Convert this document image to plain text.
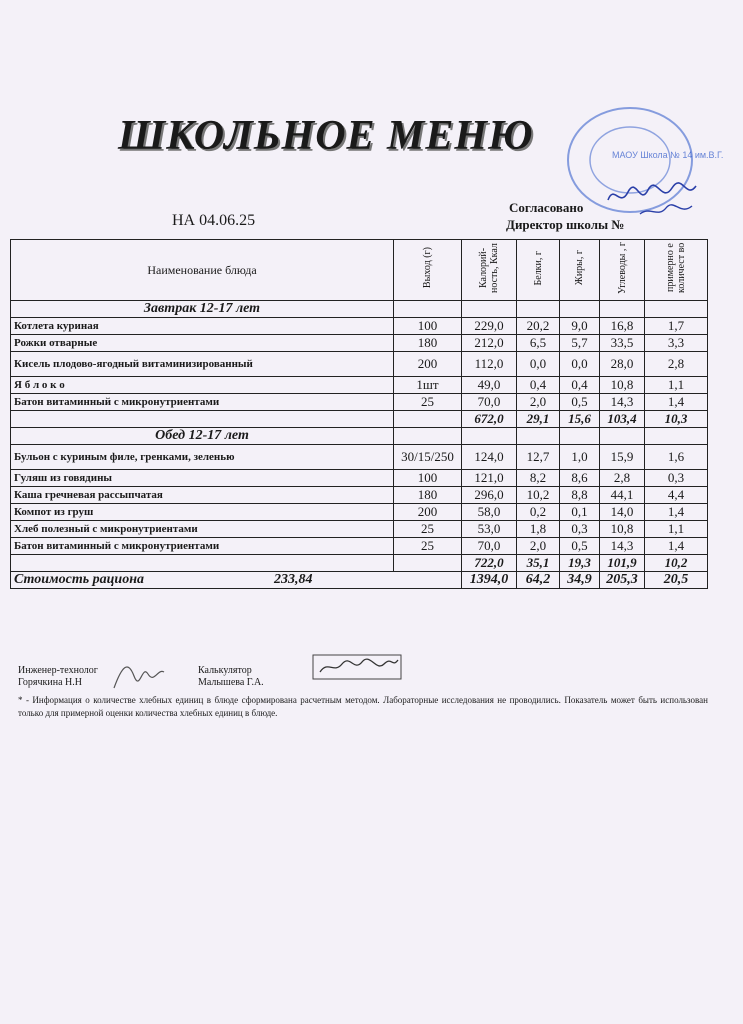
ШКОЛЬНОЕ МЕНЮ
НА 04.06.25
Согласовано
Директор школы №
МАОУ Школа № 14 им.В.Г.
Наименование блюда	Выход (г)	Калорий-ность, Ккал	Белки, г	Жиры, г	Углеводы , г	примерно е количест во
Завтрак 12-17 лет						
Котлета куриная	100	229,0	20,2	9,0	16,8	1,7
Рожки отварные	180	212,0	6,5	5,7	33,5	3,3
Кисель плодово-ягодный витаминизированный	200	112,0	0,0	0,0	28,0	2,8
Я б л о к о	1шт	49,0	0,4	0,4	10,8	1,1
Батон витаминный с микронутриентами	25	70,0	2,0	0,5	14,3	1,4
		672,0	29,1	15,6	103,4	10,3
Обед 12-17 лет						
Бульон с куриным филе, гренками, зеленью	30/15/250	124,0	12,7	1,0	15,9	1,6
Гуляш из говядины	100	121,0	8,2	8,6	2,8	0,3
Каша гречневая рассыпчатая	180	296,0	10,2	8,8	44,1	4,4
Компот из груш	200	58,0	0,2	0,1	14,0	1,4
Хлеб полезный с микронутриентами	25	53,0	1,8	0,3	10,8	1,1
Батон витаминный с микронутриентами	25	70,0	2,0	0,5	14,3	1,4
		722,0	35,1	19,3	101,9	10,2
Стоимость рациона 233,84		1394,0	64,2	34,9	205,3	20,5
Инженер-технолог
Горячкина Н.Н
Калькулятор
Малышева Г.А.
* - Информация о количестве хлебных единиц в блюде сформирована расчетным методом. Лабораторные исследования не проводились. Показатель может быть использован только для примерной оценки количества хлебных единиц в блюде.
